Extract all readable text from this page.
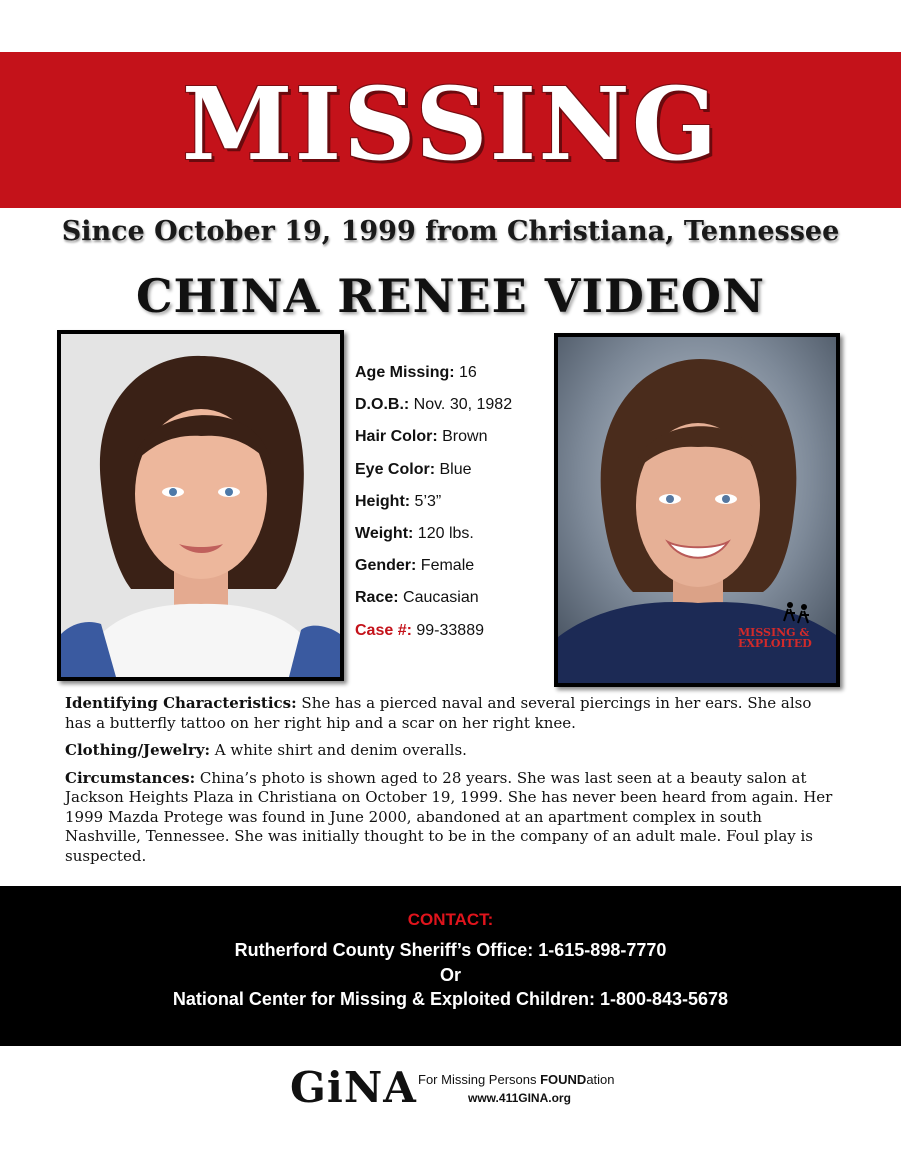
MISSING
Since October 19, 1999 from Christiana, Tennessee
CHINA RENEE VIDEON
Age Missing: 16
D.O.B.: Nov. 30, 1982
Hair Color: Brown
Eye Color: Blue
Height: 5’3”
Weight: 120 lbs.
Gender: Female
Race: Caucasian
Case #: 99-33889	MISSING &
EXPLOITED

Identifying Characteristics: She has a pierced naval and several piercings in her ears. She also has a butterfly tattoo on her right hip and a scar on her right knee.

Clothing/Jewelry: A white shirt and denim overalls.

Circumstances: China’s photo is shown aged to 28 years. She was last seen at a beauty salon at Jackson Heights Plaza in Christiana on October 19, 1999. She has never been heard from again. Her 1999 Mazda Protege was found in June 2000, abandoned at an apartment complex in south Nashville, Tennessee. She was initially thought to be in the company of an adult male. Foul play is suspected.

CONTACT:
Rutherford County Sheriff’s Office: 1-615-898-7770
Or
National Center for Missing & Exploited Children: 1-800-843-5678
GiNA For Missing Persons FOUNDation
www.411GINA.org
